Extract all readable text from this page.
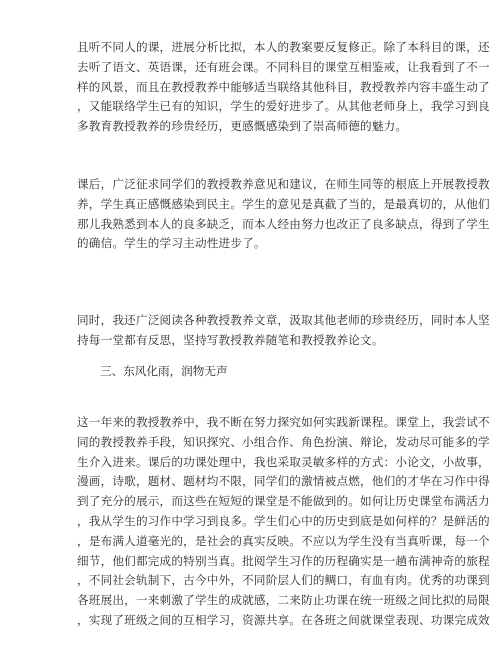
且听不同人的课，进展分析比拟，本人的教案要反复修正。除了本科目的课，还
去听了语文、英语课，还有班会课。不同科目的课堂互相鉴戒，让我看到了不一
样的风景，而且在教授教养中能够适当联络其他科目，教授教养内容丰盛生动了
，又能联络学生已有的知识，学生的爱好进步了。从其他老师身上，我学习到良
多教育教授教养的珍贵经历，更感慨感染到了崇高师德的魅力。
课后，广泛征求同学们的教授教养意见和建议，在师生同等的根底上开展教授教
养，学生真正感慨感染到民主。学生的意见是真截了当的，是最真切的，从他们
那儿我熟悉到本人的良多缺乏，而本人经由努力也改正了良多缺点，得到了学生
的确信。学生的学习主动性进步了。
同时，我还广泛阅读各种教授教养文章，汲取其他老师的珍贵经历，同时本人坚
持每一堂都有反思，坚持写教授教养随笔和教授教养论文。
三、东风化雨，润物无声
这一年来的教授教养中，我不断在努力探究如何实践新课程。课堂上，我尝试不
同的教授教养手段，知识探究、小组合作、角色扮演、辩论，发动尽可能多的学
生介入进来。课后的功课处理中，我也采取灵敏多样的方式：小论文，小故事，
漫画，诗歌，题材、题材均不限，同学们的激情被点燃，他们的才华在习作中得
到了充分的展示，而这些在短短的课堂是不能做到的。如何让历史课堂布满活力
，我从学生的习作中学习到良多。学生们心中的历史到底是如何样的？是鲜活的
，是布满人道毫光的，是社会的真实反映。不应以为学生没有当真听课，每一个
细节，他们都完成的特别当真。批阅学生习作的历程确实是一趟布满神奇的旅程
，不同社会轨制下，古今中外，不同阶层人们的鲷口，有血有肉。优秀的功课到
各班展出，一来刺激了学生的成就感，二来防止功课在统一班级之间比拟的局限
，实现了班级之间的互相学习，资源共享。在各班之间就课堂表现、功课完成效
